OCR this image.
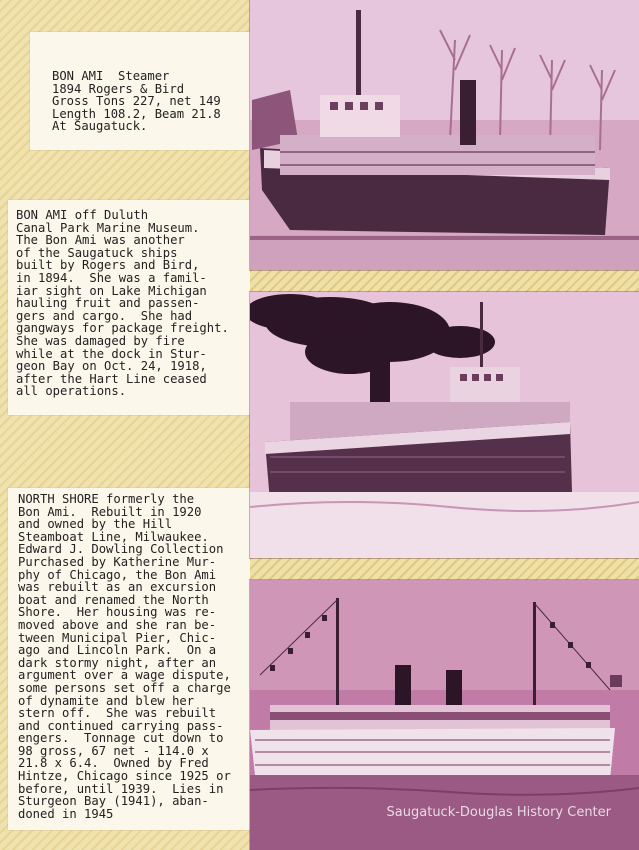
BON AMI  Steamer
1894 Rogers & Bird
Gross Tons 227, net 149
Length 108.2, Beam 21.8
At Saugatuck.
BON AMI off Duluth
Canal Park Marine Museum.
The Bon Ami was another
of the Saugatuck ships
built by Rogers and Bird,
in 1894.  She was a famil-
iar sight on Lake Michigan
hauling fruit and passen-
gers and cargo.  She had
gangways for package freight.
She was damaged by fire
while at the dock in Stur-
geon Bay on Oct. 24, 1918,
after the Hart Line ceased
all operations.
NORTH SHORE formerly the
Bon Ami.  Rebuilt in 1920
and owned by the Hill
Steamboat Line, Milwaukee.
Edward J. Dowling Collection
Purchased by Katherine Mur-
phy of Chicago, the Bon Ami
was rebuilt as an excursion
boat and renamed the North
Shore.  Her housing was re-
moved above and she ran be-
tween Municipal Pier, Chic-
ago and Lincoln Park.  On a
dark stormy night, after an
argument over a wage dispute,
some persons set off a charge
of dynamite and blew her
stern off.  She was rebuilt
and continued carrying pass-
engers.  Tonnage cut down to
98 gross, 67 net - 114.0 x
21.8 x 6.4.  Owned by Fred
Hintze, Chicago since 1925 or
before, until 1939.  Lies in
Sturgeon Bay (1941), aban-
doned in 1945	Saugatuck-Douglas History Center
